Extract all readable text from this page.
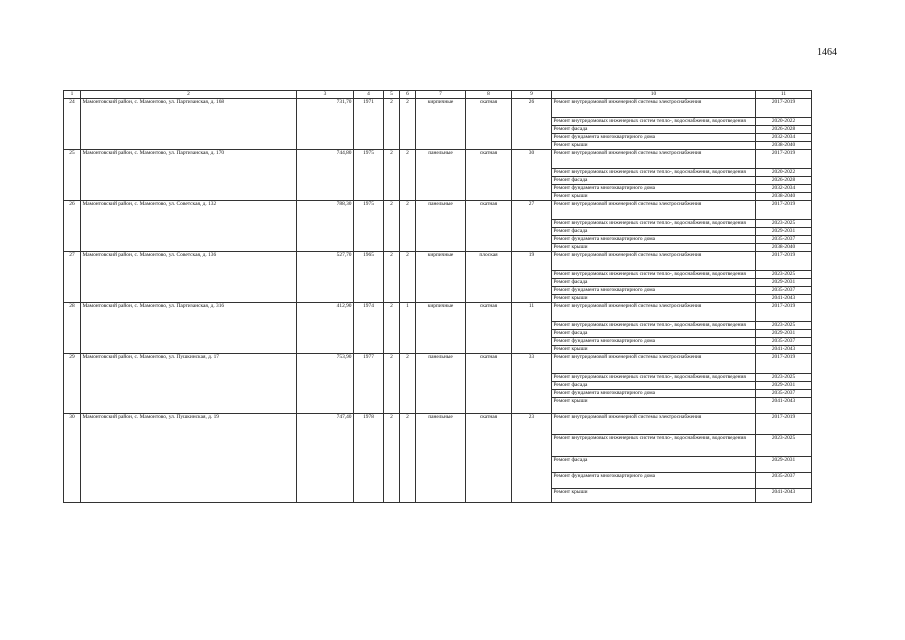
1464
1	2	3	4	5	6	7	8	9	10	11
24	Мамонтовский район, с. Мамонтово, ул. Партизанская, д. 168	731,70	1971	2	2	кирпичные	скатная	26	Ремонт внутридомовой инженерной системы электроснабжения	2017-2019
									Ремонт внутридомовых инженерных систем тепло-, водоснабжения, водоотведения	2020-2022
									Ремонт фасада	2026-2028
									Ремонт фундамента многоквартирного дома	2032-2034
									Ремонт крыши	2038-2040
25	Мамонтовский район, с. Мамонтово, ул. Партизанская, д. 170	744,80	1975	2	2	панельные	скатная	30	Ремонт внутридомовой инженерной системы электроснабжения	2017-2019
									Ремонт внутридомовых инженерных систем тепло-, водоснабжения, водоотведения	2020-2022
									Ремонт фасада	2026-2028
									Ремонт фундамента многоквартирного дома	2032-2034
									Ремонт крыши	2038-2040
26	Мамонтовский район, с. Мамонтово, ул. Советская, д. 132	788,30	1975	2	2	панельные	скатная	27	Ремонт внутридомовой инженерной системы электроснабжения	2017-2019
									Ремонт внутридомовых инженерных систем тепло-, водоснабжения, водоотведения	2023-2025
									Ремонт фасада	2029-2031
									Ремонт фундамента многоквартирного дома	2035-2037
									Ремонт крыши	2038-2040
27	Мамонтовский район, с. Мамонтово, ул. Советская, д. 136	527,70	1965	2	2	кирпичные	плоская	19	Ремонт внутридомовой инженерной системы электроснабжения	2017-2019
									Ремонт внутридомовых инженерных систем тепло-, водоснабжения, водоотведения	2023-2025
									Ремонт фасада	2029-2031
									Ремонт фундамента многоквартирного дома	2035-2037
									Ремонт крыши	2041-2043
28	Мамонтовский район, с. Мамонтово, ул. Партизанская, д. 316	412,90	1974	2	1	кирпичные	скатная	11	Ремонт внутридомовой инженерной системы электроснабжения	2017-2019
									Ремонт внутридомовых инженерных систем тепло-, водоснабжения, водоотведения	2023-2025
									Ремонт фасада	2029-2031
									Ремонт фундамента многоквартирного дома	2035-2037
									Ремонт крыши	2041-2043
29	Мамонтовский район, с. Мамонтово, ул. Пушкинская, д. 17	753,90	1977	2	2	панельные	скатная	33	Ремонт внутридомовой инженерной системы электроснабжения	2017-2019
									Ремонт внутридомовых инженерных систем тепло-, водоснабжения, водоотведения	2023-2025
									Ремонт фасада	2029-2031
									Ремонт фундамента многоквартирного дома	2035-2037
									Ремонт крыши	2041-2043
30	Мамонтовский район, с. Мамонтово, ул. Пушкинская, д. 19	747,40	1978	2	2	панельные	скатная	23	Ремонт внутридомовой инженерной системы электроснабжения	2017-2019
									Ремонт внутридомовых инженерных систем тепло-, водоснабжения, водоотведения	2023-2025
									Ремонт фасада	2029-2031
									Ремонт фундамента многоквартирного дома	2035-2037
									Ремонт крыши	2041-2043
